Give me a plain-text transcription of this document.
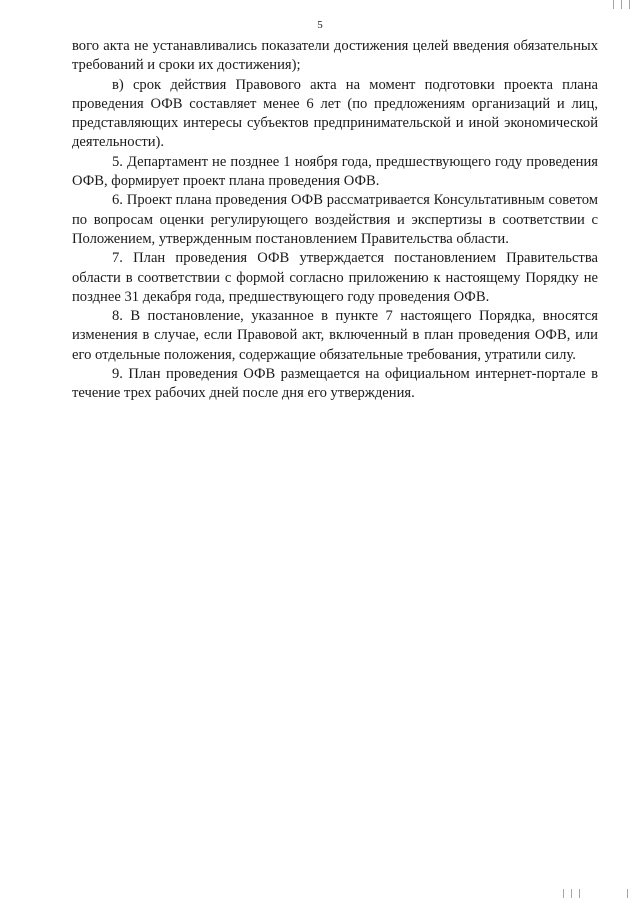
| | |
5

вого акта не устанавливались показатели достижения целей введения обязательных требований и сроки их достижения);

в) срок действия Правового акта на момент подготовки проекта плана проведения ОФВ составляет менее 6 лет (по предложениям организаций и лиц, представляющих интересы субъектов предпринимательской и иной экономической деятельности).

5. Департамент не позднее 1 ноября года, предшествующего году проведения ОФВ, формирует проект плана проведения ОФВ.

6. Проект плана проведения ОФВ рассматривается Консультативным советом по вопросам оценки регулирующего воздействия и экспертизы в соответствии с Положением, утвержденным постановлением Правительства области.

7. План проведения ОФВ утверждается постановлением Правительства области в соответствии с формой согласно приложению к настоящему Порядку не позднее 31 декабря года, предшествующего году проведения ОФВ.

8. В постановление, указанное в пункте 7 настоящего Порядка, вносятся изменения в случае, если Правовой акт, включенный в план проведения ОФВ, или его отдельные положения, содержащие обязательные требования, утратили силу.

9. План проведения ОФВ размещается на официальном интернет-портале в течение трех рабочих дней после дня его утверждения.

| | |	|
